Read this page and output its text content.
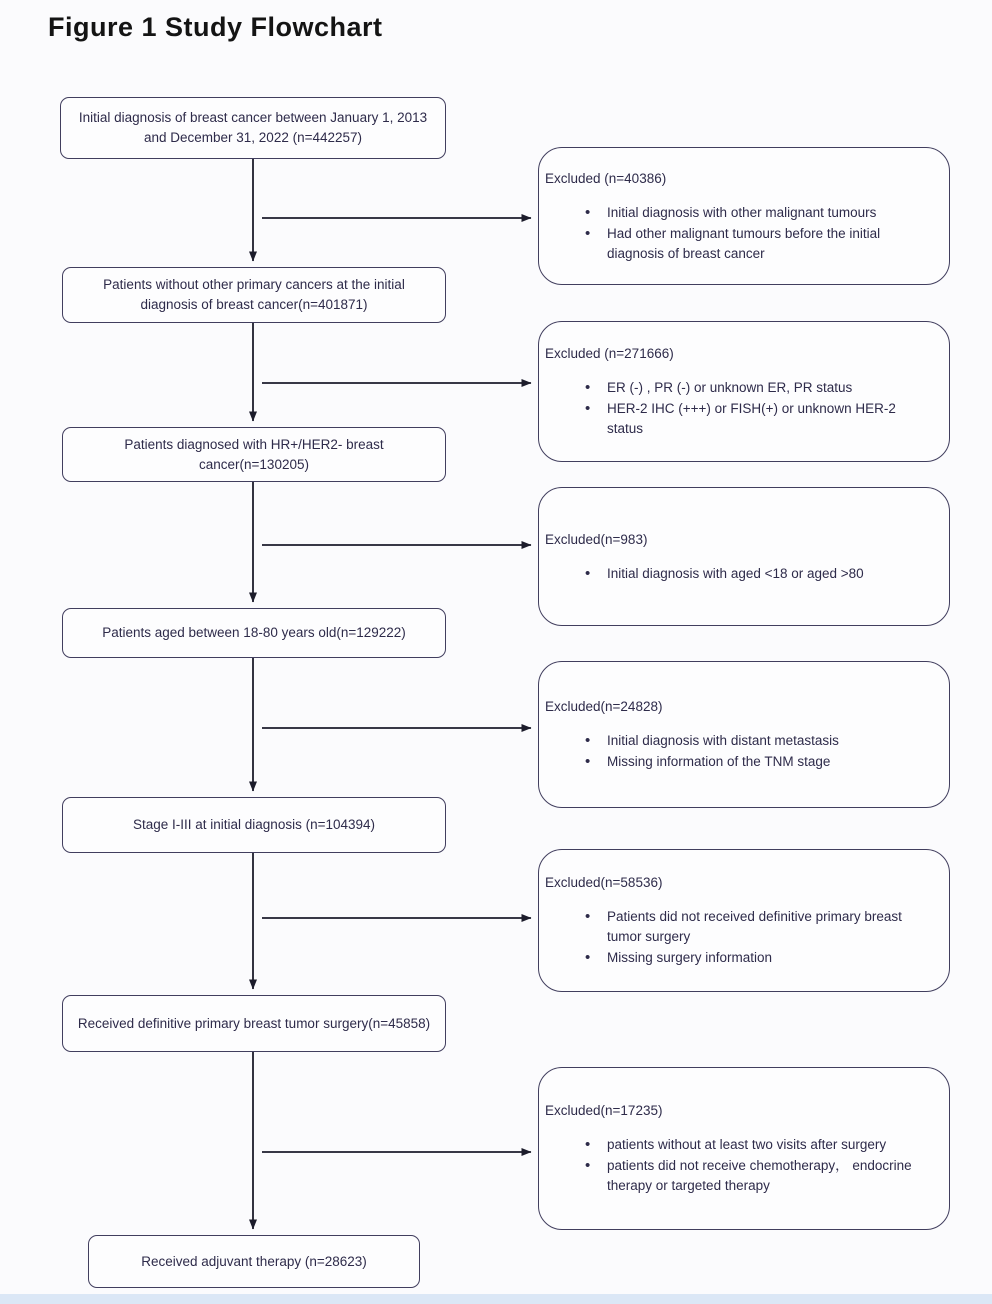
Figure 1 Study Flowchart
Initial diagnosis of breast cancer between January 1, 2013 and December 31, 2022 (n=442257)
Patients without other primary cancers at the initial diagnosis of breast cancer(n=401871)
Patients diagnosed with HR+/HER2- breast cancer(n=130205)
Patients aged between 18-80 years old(n=129222)
Stage I-III at initial diagnosis (n=104394)
Received definitive primary breast tumor surgery(n=45858)
Received adjuvant therapy (n=28623)
Excluded (n=40386)
•
Initial diagnosis with other malignant tumours
•
Had other malignant tumours before the initial diagnosis of breast cancer
Excluded (n=271666)
•
ER (-) , PR (-) or unknown ER, PR status
•
HER-2 IHC (+++) or FISH(+) or unknown HER-2 status
Excluded(n=983)
•
Initial diagnosis with aged <18 or aged >80
Excluded(n=24828)
•
Initial diagnosis with distant metastasis
•
Missing information of the TNM stage
Excluded(n=58536)
•
Patients did not received definitive primary breast tumor surgery
•
Missing surgery information
Excluded(n=17235)
•
patients without at least two visits after surgery
•
patients did not receive chemotherapy， endocrine therapy or targeted therapy
